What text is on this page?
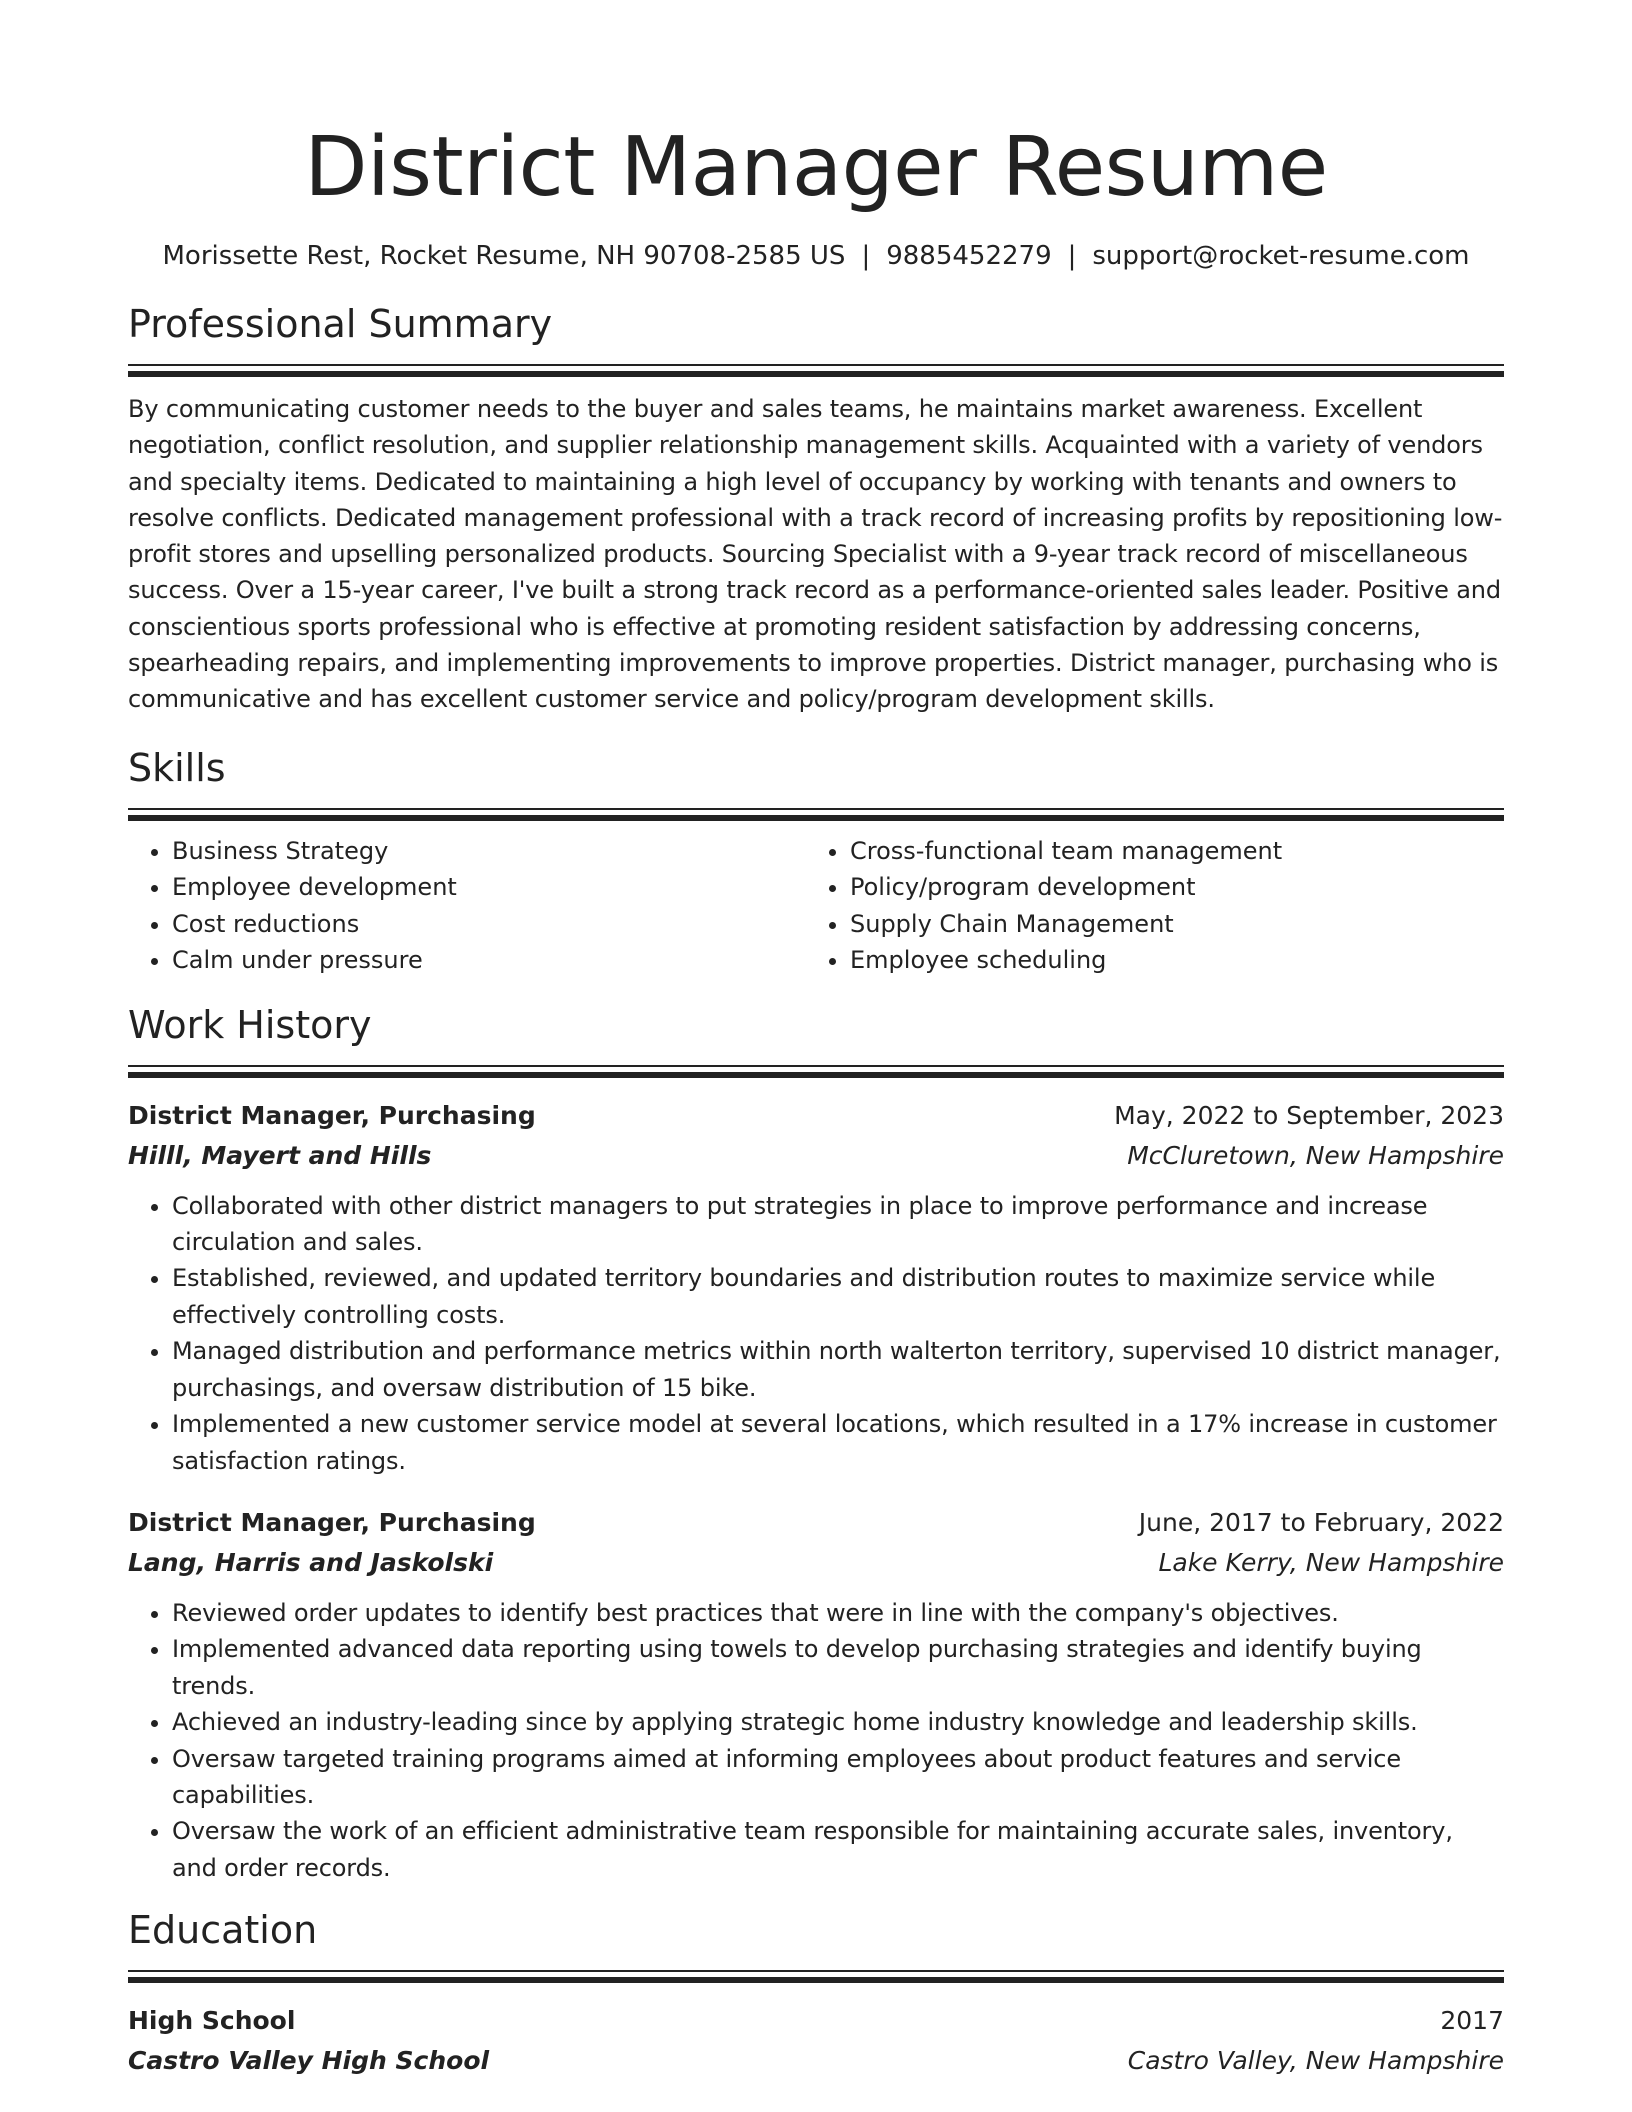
District Manager Resume
Morissette Rest, Rocket Resume, NH 90708-2585 US | 9885452279 | support@rocket-resume.com
Professional Summary

By communicating customer needs to the buyer and sales teams, he maintains market awareness. Excellent negotiation, conflict resolution, and supplier relationship management skills. Acquainted with a variety of vendors and specialty items. Dedicated to maintaining a high level of occupancy by working with tenants and owners to resolve conflicts. Dedicated management professional with a track record of increasing profits by repositioning low-profit stores and upselling personalized products. Sourcing Specialist with a 9-year track record of miscellaneous success. Over a 15-year career, I've built a strong track record as a performance-oriented sales leader. Positive and conscientious sports professional who is effective at promoting resident satisfaction by addressing concerns, spearheading repairs, and implementing improvements to improve properties. District manager, purchasing who is communicative and has excellent customer service and policy/program development skills.

Skills
• Business Strategy
• Employee development
• Cost reductions
• Calm under pressure
• Cross-functional team management
• Policy/program development
• Supply Chain Management
• Employee scheduling
Work History
District Manager, Purchasing	May, 2022 to September, 2023
Hilll, Mayert and Hills	McCluretown, New Hampshire
• Collaborated with other district managers to put strategies in place to improve performance and increase circulation and sales.
• Established, reviewed, and updated territory boundaries and distribution routes to maximize service while effectively controlling costs.
• Managed distribution and performance metrics within north walterton territory, supervised 10 district manager, purchasings, and oversaw distribution of 15 bike.
• Implemented a new customer service model at several locations, which resulted in a 17% increase in customer satisfaction ratings.
District Manager, Purchasing	June, 2017 to February, 2022
Lang, Harris and Jaskolski	Lake Kerry, New Hampshire
• Reviewed order updates to identify best practices that were in line with the company's objectives.
• Implemented advanced data reporting using towels to develop purchasing strategies and identify buying trends.
• Achieved an industry-leading since by applying strategic home industry knowledge and leadership skills.
• Oversaw targeted training programs aimed at informing employees about product features and service capabilities.
• Oversaw the work of an efficient administrative team responsible for maintaining accurate sales, inventory, and order records.
Education
High School	2017
Castro Valley High School	Castro Valley, New Hampshire
